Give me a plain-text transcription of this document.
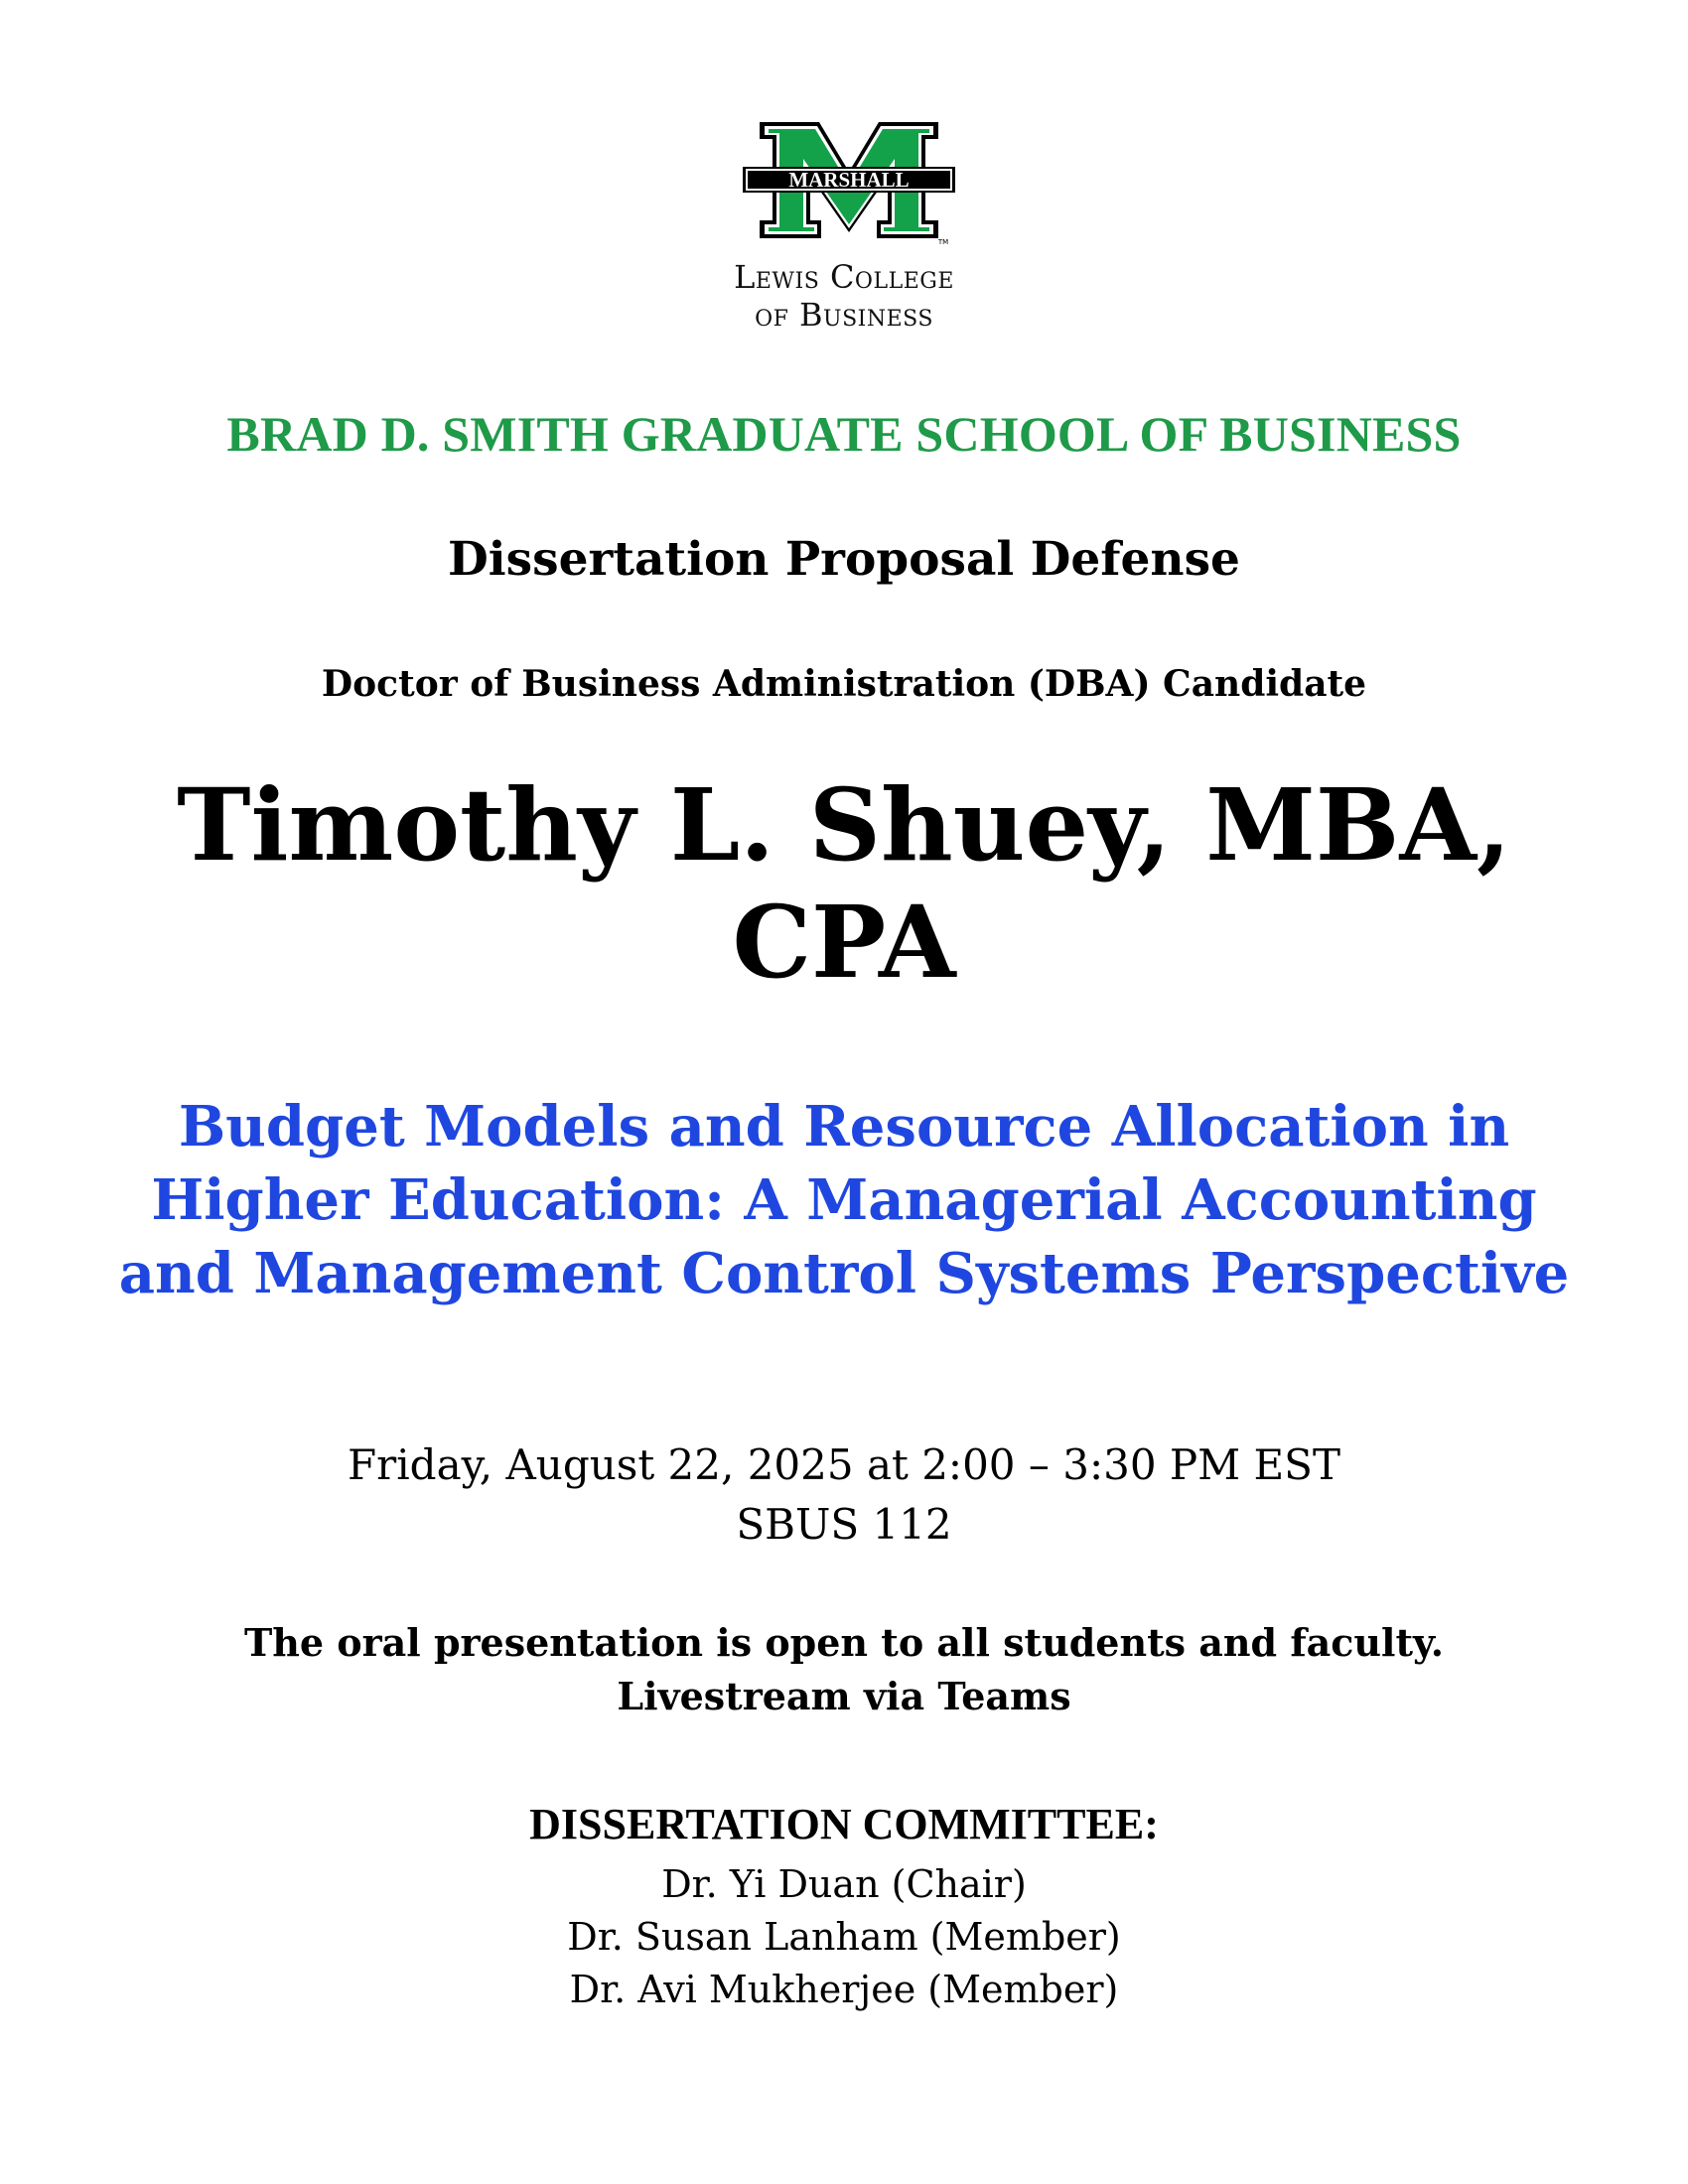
MARSHALL
TM
Lewis College
of Business
BRAD D. SMITH GRADUATE SCHOOL OF BUSINESS
Dissertation Proposal Defense
Doctor of Business Administration (DBA) Candidate
Timothy L. Shuey, MBA,
CPA
Budget Models and Resource Allocation in
Higher Education: A Managerial Accounting
and Management Control Systems Perspective
Friday, August 22, 2025 at 2:00 – 3:30 PM EST
SBUS 112
The oral presentation is open to all students and faculty.
Livestream via Teams
DISSERTATION COMMITTEE:
Dr. Yi Duan (Chair)
Dr. Susan Lanham (Member)
Dr. Avi Mukherjee (Member)
